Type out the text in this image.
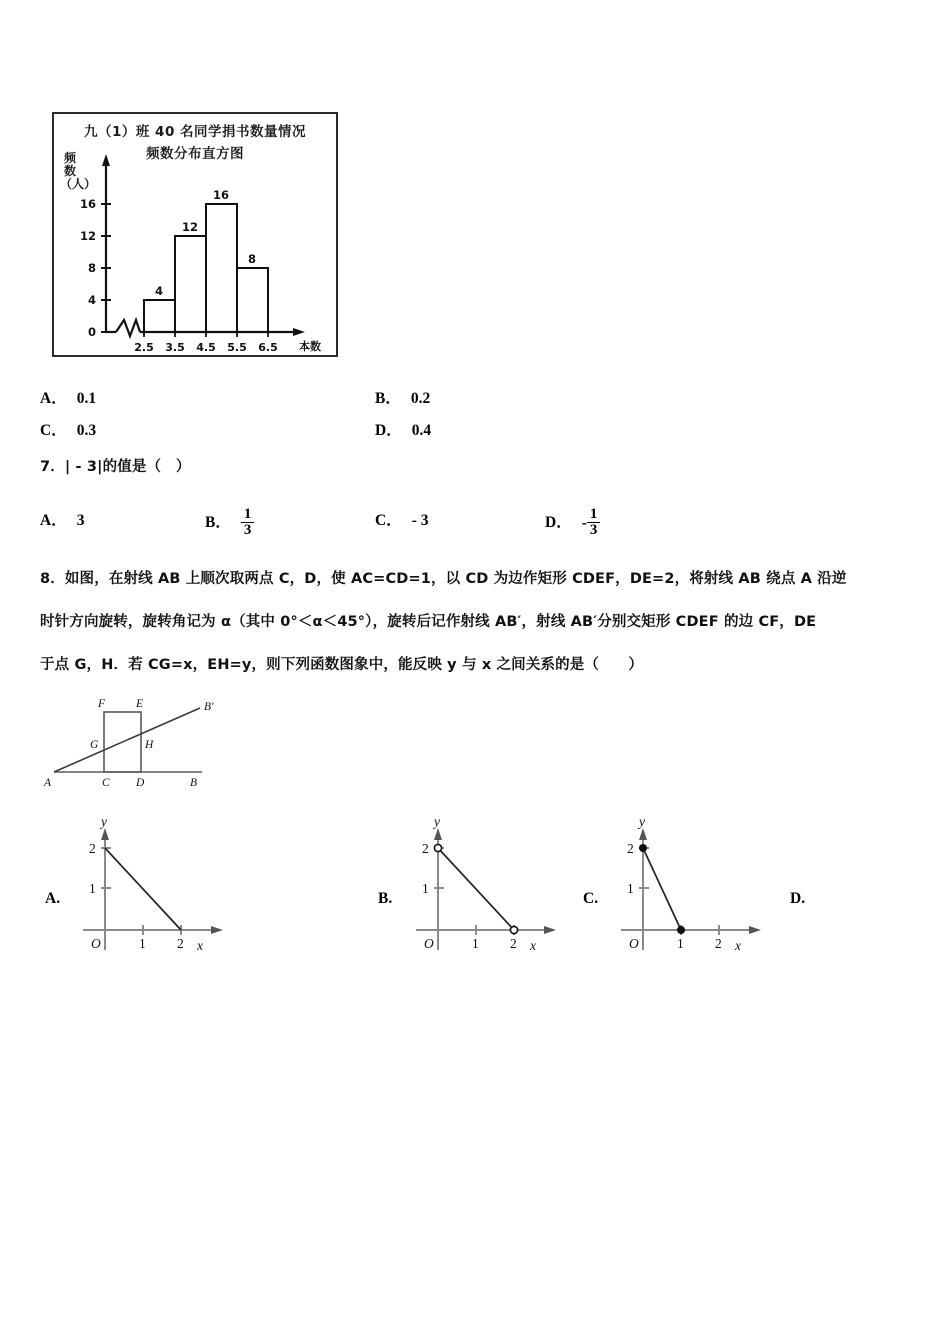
九（1）班 40 名同学捐书数量情况
频数分布直方图
频数（人）
0
4
8
12
16
4
12
16
8
2.5 3.5 4.5 5.5 6.5 本数
A． 0.1	B． 0.2
C． 0.3	D． 0.4
7．| ‑ 3|的值是（　）
A． 3	B． $\frac{1}{3}$	C． ‑ 3	D． ‑ $\frac{1}{3}$
8．如图，在射线 AB 上顺次取两点 C，D，使 AC=CD=1，以 CD 为边作矩形 CDEF，DE=2，将射线 AB 绕点 A 沿逆
时针方向旋转，旋转角记为 α（其中 0°＜α＜45°），旋转后记作射线 AB′，射线 AB′分别交矩形 CDEF 的边 CF，DE
于点 G，H．若 CG=x，EH=y，则下列函数图象中，能反映 y 与 x 之间关系的是（　　）
A	C D	B
F	E
G	H
B'
A.
2
1
1 2
O	x
y
B.
2
1
1 2
O	x
y
C.
2
1
1 2
O	x
y
D.
